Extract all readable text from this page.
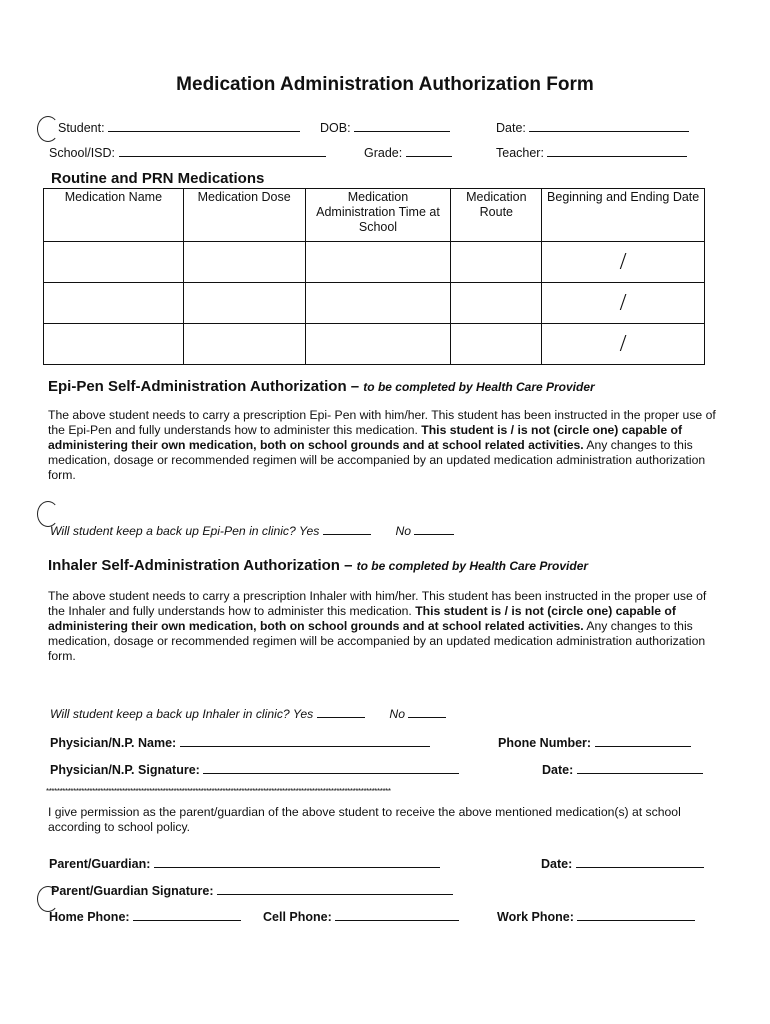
Medication Administration Authorization Form
Student:	DOB:	Date:
School/ISD:	Grade:	Teacher:
Routine and PRN Medications
Medication Name	Medication Dose	Medication Administration Time at School	Medication Route	Beginning and Ending Date
				/
				/
				/
Epi-Pen Self-Administration Authorization – to be completed by Health Care Provider
The above student needs to carry a prescription Epi- Pen with him/her. This student has been instructed in the proper use of the Epi-Pen and fully understands how to administer this medication. This student is / is not (circle one) capable of administering their own medication, both on school grounds and at school related activities. Any changes to this medication, dosage or recommended regimen will be accompanied by an updated medication administration authorization form.
Will student keep a back up Epi-Pen in clinic? Yes	No
Inhaler Self-Administration Authorization – to be completed by Health Care Provider
The above student needs to carry a prescription Inhaler with him/her. This student has been instructed in the proper use of the Inhaler and fully understands how to administer this medication. This student is / is not (circle one) capable of administering their own medication, both on school grounds and at school related activities. Any changes to this medication, dosage or recommended regimen will be accompanied by an updated medication administration authorization form.
Will student keep a back up Inhaler in clinic? Yes	No
Physician/N.P. Name:	Phone Number:
Physician/N.P. Signature:	Date:
*******************************************************************************************************************************
I give permission as the parent/guardian of the above student to receive the above mentioned medication(s) at school according to school policy.
Parent/Guardian:	Date:
Parent/Guardian Signature:
Home Phone:	Cell Phone:	Work Phone:
